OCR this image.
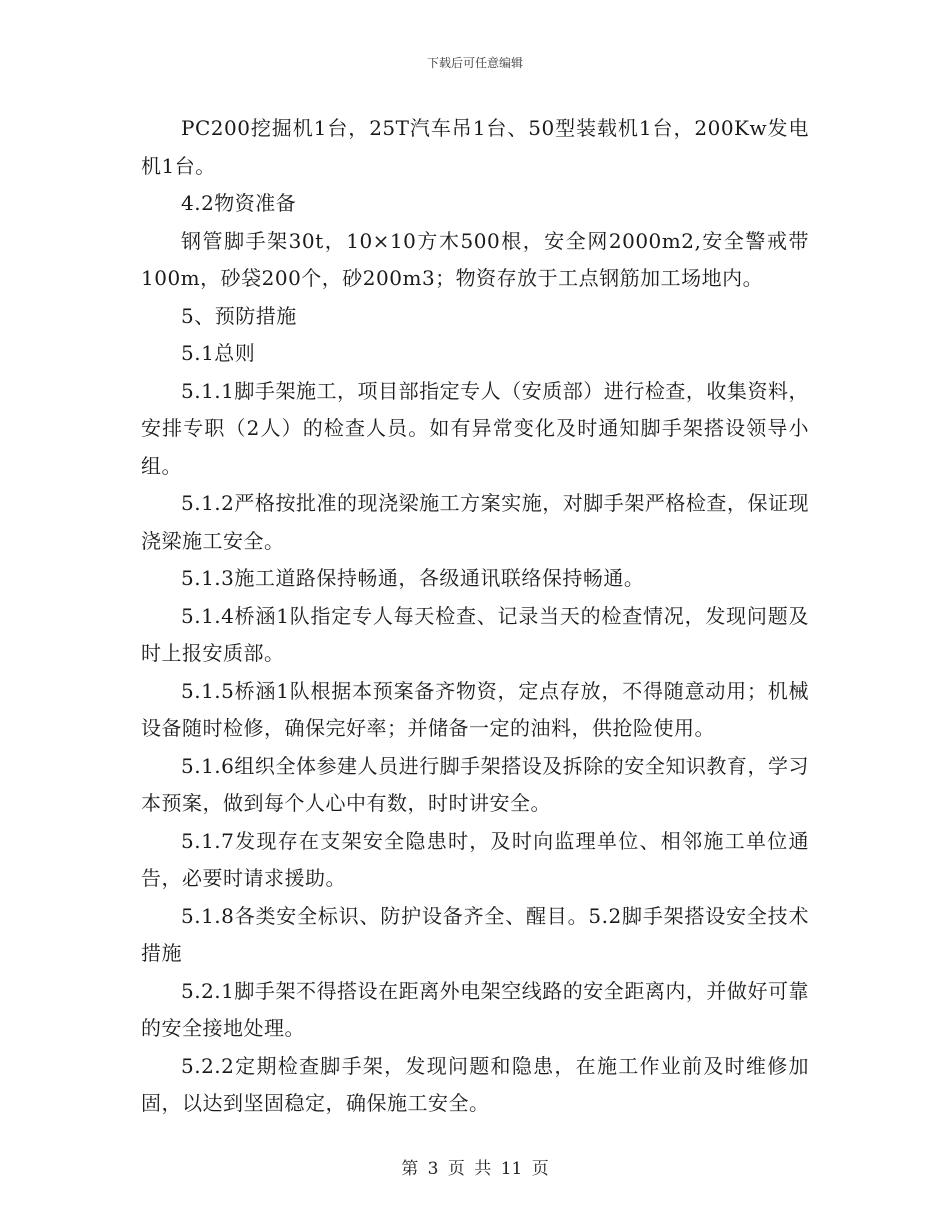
下载后可任意编辑

PC200挖掘机1台，25T汽车吊1台、50型装载机1台，200Kw发电机1台。

4.2物资准备

钢管脚手架30t，10×10方木500根，安全网2000m2,安全警戒带100m，砂袋200个，砂200m3；物资存放于工点钢筋加工场地内。

5、预防措施

5.1总则

5.1.1脚手架施工，项目部指定专人（安质部）进行检查，收集资料，安排专职（2人）的检查人员。如有异常变化及时通知脚手架搭设领导小组。

5.1.2严格按批准的现浇梁施工方案实施，对脚手架严格检查，保证现浇梁施工安全。

5.1.3施工道路保持畅通，各级通讯联络保持畅通。

5.1.4桥涵1队指定专人每天检查、记录当天的检查情况，发现问题及时上报安质部。

5.1.5桥涵1队根据本预案备齐物资，定点存放，不得随意动用；机械设备随时检修，确保完好率；并储备一定的油料，供抢险使用。

5.1.6组织全体参建人员进行脚手架搭设及拆除的安全知识教育，学习本预案，做到每个人心中有数，时时讲安全。

5.1.7发现存在支架安全隐患时，及时向监理单位、相邻施工单位通告，必要时请求援助。

5.1.8各类安全标识、防护设备齐全、醒目。5.2脚手架搭设安全技术措施

5.2.1脚手架不得搭设在距离外电架空线路的安全距离内，并做好可靠的安全接地处理。

5.2.2定期检查脚手架，发现问题和隐患，在施工作业前及时维修加固，以达到坚固稳定，确保施工安全。

第 3 页 共 11 页
